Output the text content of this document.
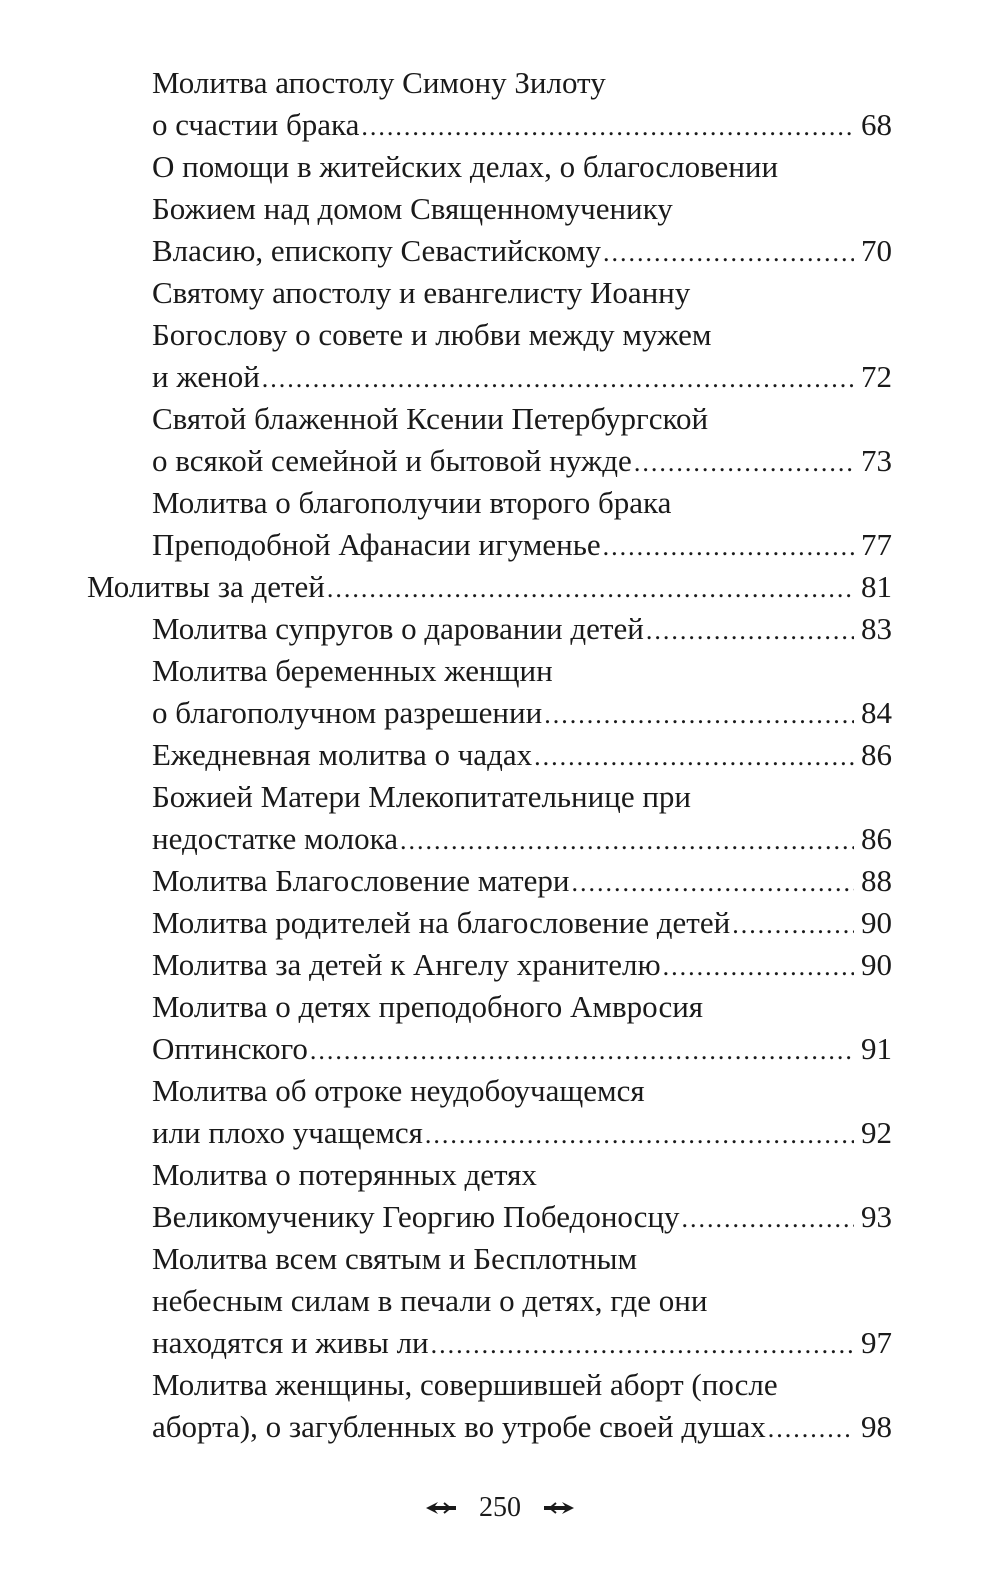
Молитва апостолу Симону Зилоту
о счастии брака .....	68
О помощи в житейских делах, о благословении
Божием над домом Священномученику
Власию, епископу Севастийскому .....	70
Святому апостолу и евангелисту Иоанну
Богослову о совете и любви между мужем
и женой .....	72
Святой блаженной Ксении Петербургской
о всякой семейной и бытовой нужде .....	73
Молитва о благополучии второго брака
Преподобной Афанасии игуменье .....	77
Молитвы за детей .....	81
Молитва супругов о даровании детей .....	83
Молитва беременных женщин
о благополучном разрешении .....	84
Ежедневная молитва о чадах .....	86
Божией Матери Млекопитательнице при
недостатке молока .....	86
Молитва Благословение матери .....	88
Молитва родителей на благословение детей .....	90
Молитва за детей к Ангелу хранителю .....	90
Молитва о детях преподобного Амвросия
Оптинского .....	91
Молитва об отроке неудобоучащемся
или плохо учащемся .....	92
Молитва о потерянных детях
Великомученику Георгию Победоносцу .....	93
Молитва всем святым и Бесплотным
небесным силам в печали о детях, где они
находятся и живы ли .....	97
Молитва женщины, совершившей аборт (после
аборта), о загубленных во утробе своей душах .....	98
250
